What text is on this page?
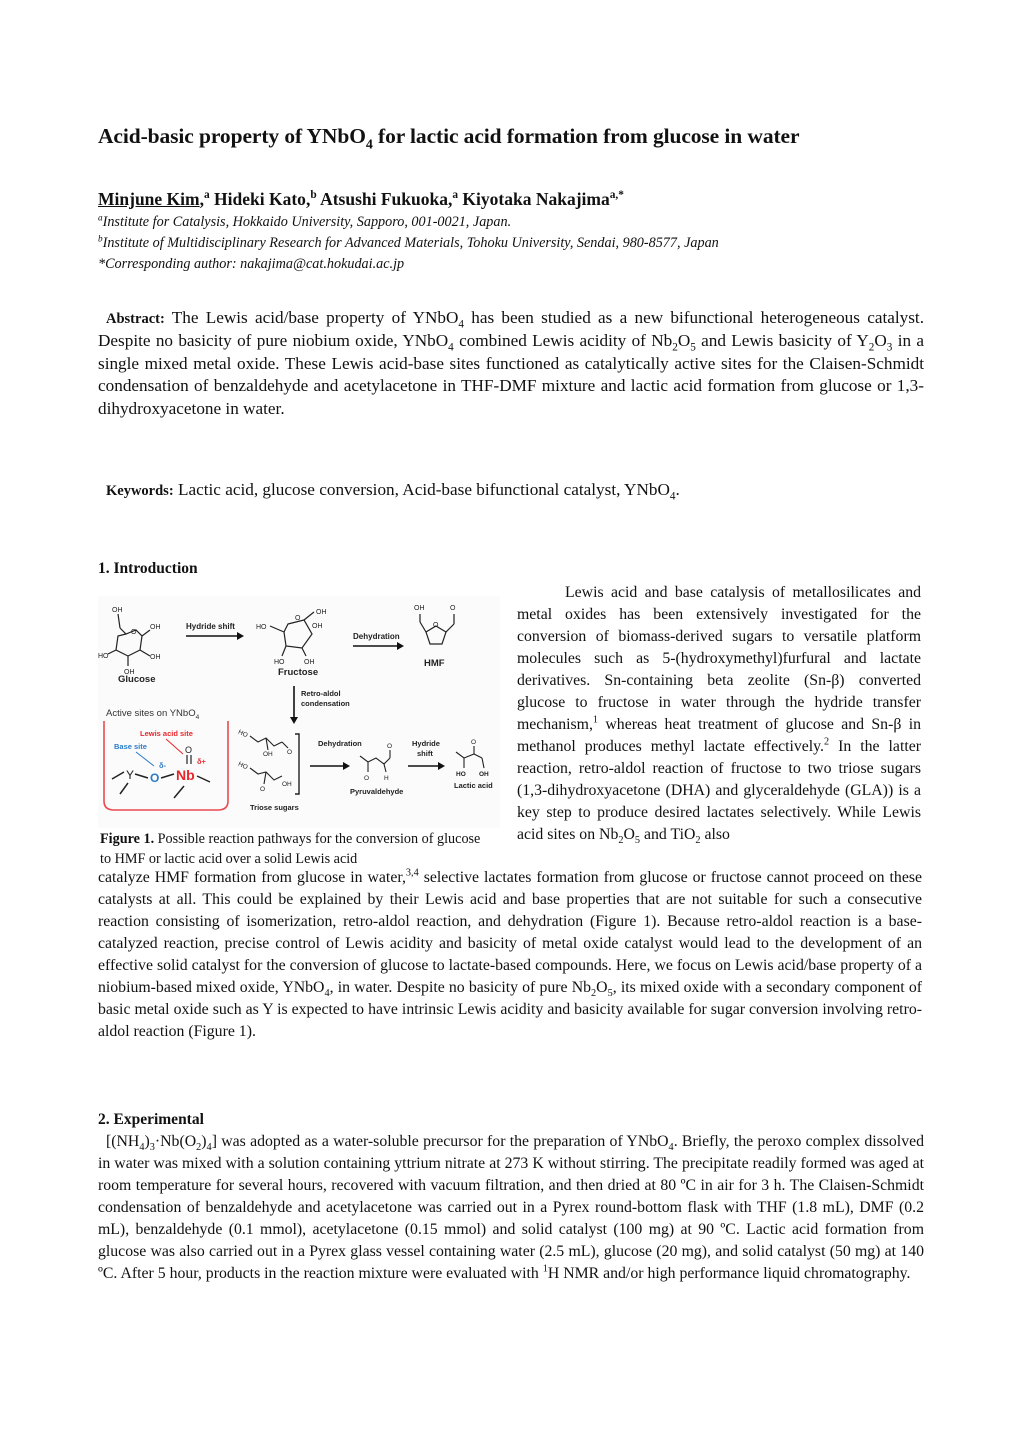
Acid-basic property of YNbO$_4$ for lactic acid formation from glucose in water
Minjune Kim,$^a$ Hideki Kato,$^b$ Atsushi Fukuoka,$^a$ Kiyotaka Nakajima$^{a,*}$
$^a$Institute for Catalysis, Hokkaido University, Sapporo, 001-0021, Japan.
$^b$Institute of Multidisciplinary Research for Advanced Materials, Tohoku University, Sendai, 980-8577, Japan
*Corresponding author: nakajima@cat.hokudai.ac.jp
Abstract: The Lewis acid/base property of YNbO$_4$ has been studied as a new bifunctional heterogeneous catalyst. Despite no basicity of pure niobium oxide, YNbO$_4$ combined Lewis acidity of $Nb_2O_5$ and Lewis basicity of $Y_2O_3$ in a single mixed metal oxide. These Lewis acid-base sites functioned as catalytically active sites for the Claisen-Schmidt condensation of benzaldehyde and acetylacetone in THF-DMF mixture and lactic acid formation from glucose or 1,3-dihydroxyacetone in water.
Keywords: Lactic acid, glucose conversion, Acid-base bifunctional catalyst, YNbO$_4$.
1. Introduction
OH
O
OH
OH
OH
HO
Glucose
Hydride shift
O
OH
OH
HO
HO	OH
Fructose
Dehydration
OH
O
O
HMF
Retro-aldol
condensation
Active sites on YNbO$_4$
Lewis acid site
Base site	O
Y O
δ-
Nb
δ+
HO
OH O
HO
O
OH
Triose sugars
Dehydration
O
O
H
Pyruvaldehyde
Hydride
shift
O
HO OH
Lactic acid
Figure 1. Possible reaction pathways for the conversion of glucose to HMF or lactic acid over a solid Lewis acid
Lewis acid and base catalysis of metallosilicates and metal oxides has been extensively investigated for the conversion of biomass-derived sugars to versatile platform molecules such as 5-(hydroxymethyl)furfural and lactate derivatives. Sn-containing beta zeolite (Sn-β) converted glucose to fructose in water through the hydride transfer mechanism,$^1$ whereas heat treatment of glucose and Sn-β in methanol produces methyl lactate effectively.$^2$ In the latter reaction, retro-aldol reaction of fructose to two triose sugars (1,3-dihydroxyacetone (DHA) and glyceraldehyde (GLA)) is a key step to produce desired lactates selectively. While Lewis acid sites on $Nb_2O_5$ and TiO$_2$ also
catalyze HMF formation from glucose in water,$^{3,4}$ selective lactates formation from glucose or fructose cannot proceed on these catalysts at all. This could be explained by their Lewis acid and base properties that are not suitable for such a consecutive reaction consisting of isomerization, retro-aldol reaction, and dehydration (Figure 1). Because retro-aldol reaction is a base-catalyzed reaction, precise control of Lewis acidity and basicity of metal oxide catalyst would lead to the development of an effective solid catalyst for the conversion of glucose to lactate-based compounds. Here, we focus on Lewis acid/base property of a niobium-based mixed oxide, YNbO$_4$, in water. Despite no basicity of pure $Nb_2O_5$, its mixed oxide with a secondary component of basic metal oxide such as Y is expected to have intrinsic Lewis acidity and basicity available for sugar conversion involving retro-aldol reaction (Figure 1).
2. Experimental
$[(NH_4)_3\cdot Nb(O_2)_4]$ was adopted as a water-soluble precursor for the preparation of YNbO$_4$. Briefly, the peroxo complex dissolved in water was mixed with a solution containing yttrium nitrate at 273 K without stirring. The precipitate readily formed was aged at room temperature for several hours, recovered with vacuum filtration, and then dried at 80 ºC in air for 3 h. The Claisen-Schmidt condensation of benzaldehyde and acetylacetone was carried out in a Pyrex round-bottom flask with THF (1.8 mL), DMF (0.2 mL), benzaldehyde (0.1 mmol), acetylacetone (0.15 mmol) and solid catalyst (100 mg) at 90 ºC. Lactic acid formation from glucose was also carried out in a Pyrex glass vessel containing water (2.5 mL), glucose (20 mg), and solid catalyst (50 mg) at 140 ºC. After 5 hour, products in the reaction mixture were evaluated with $^1$H NMR and/or high performance liquid chromatography.
